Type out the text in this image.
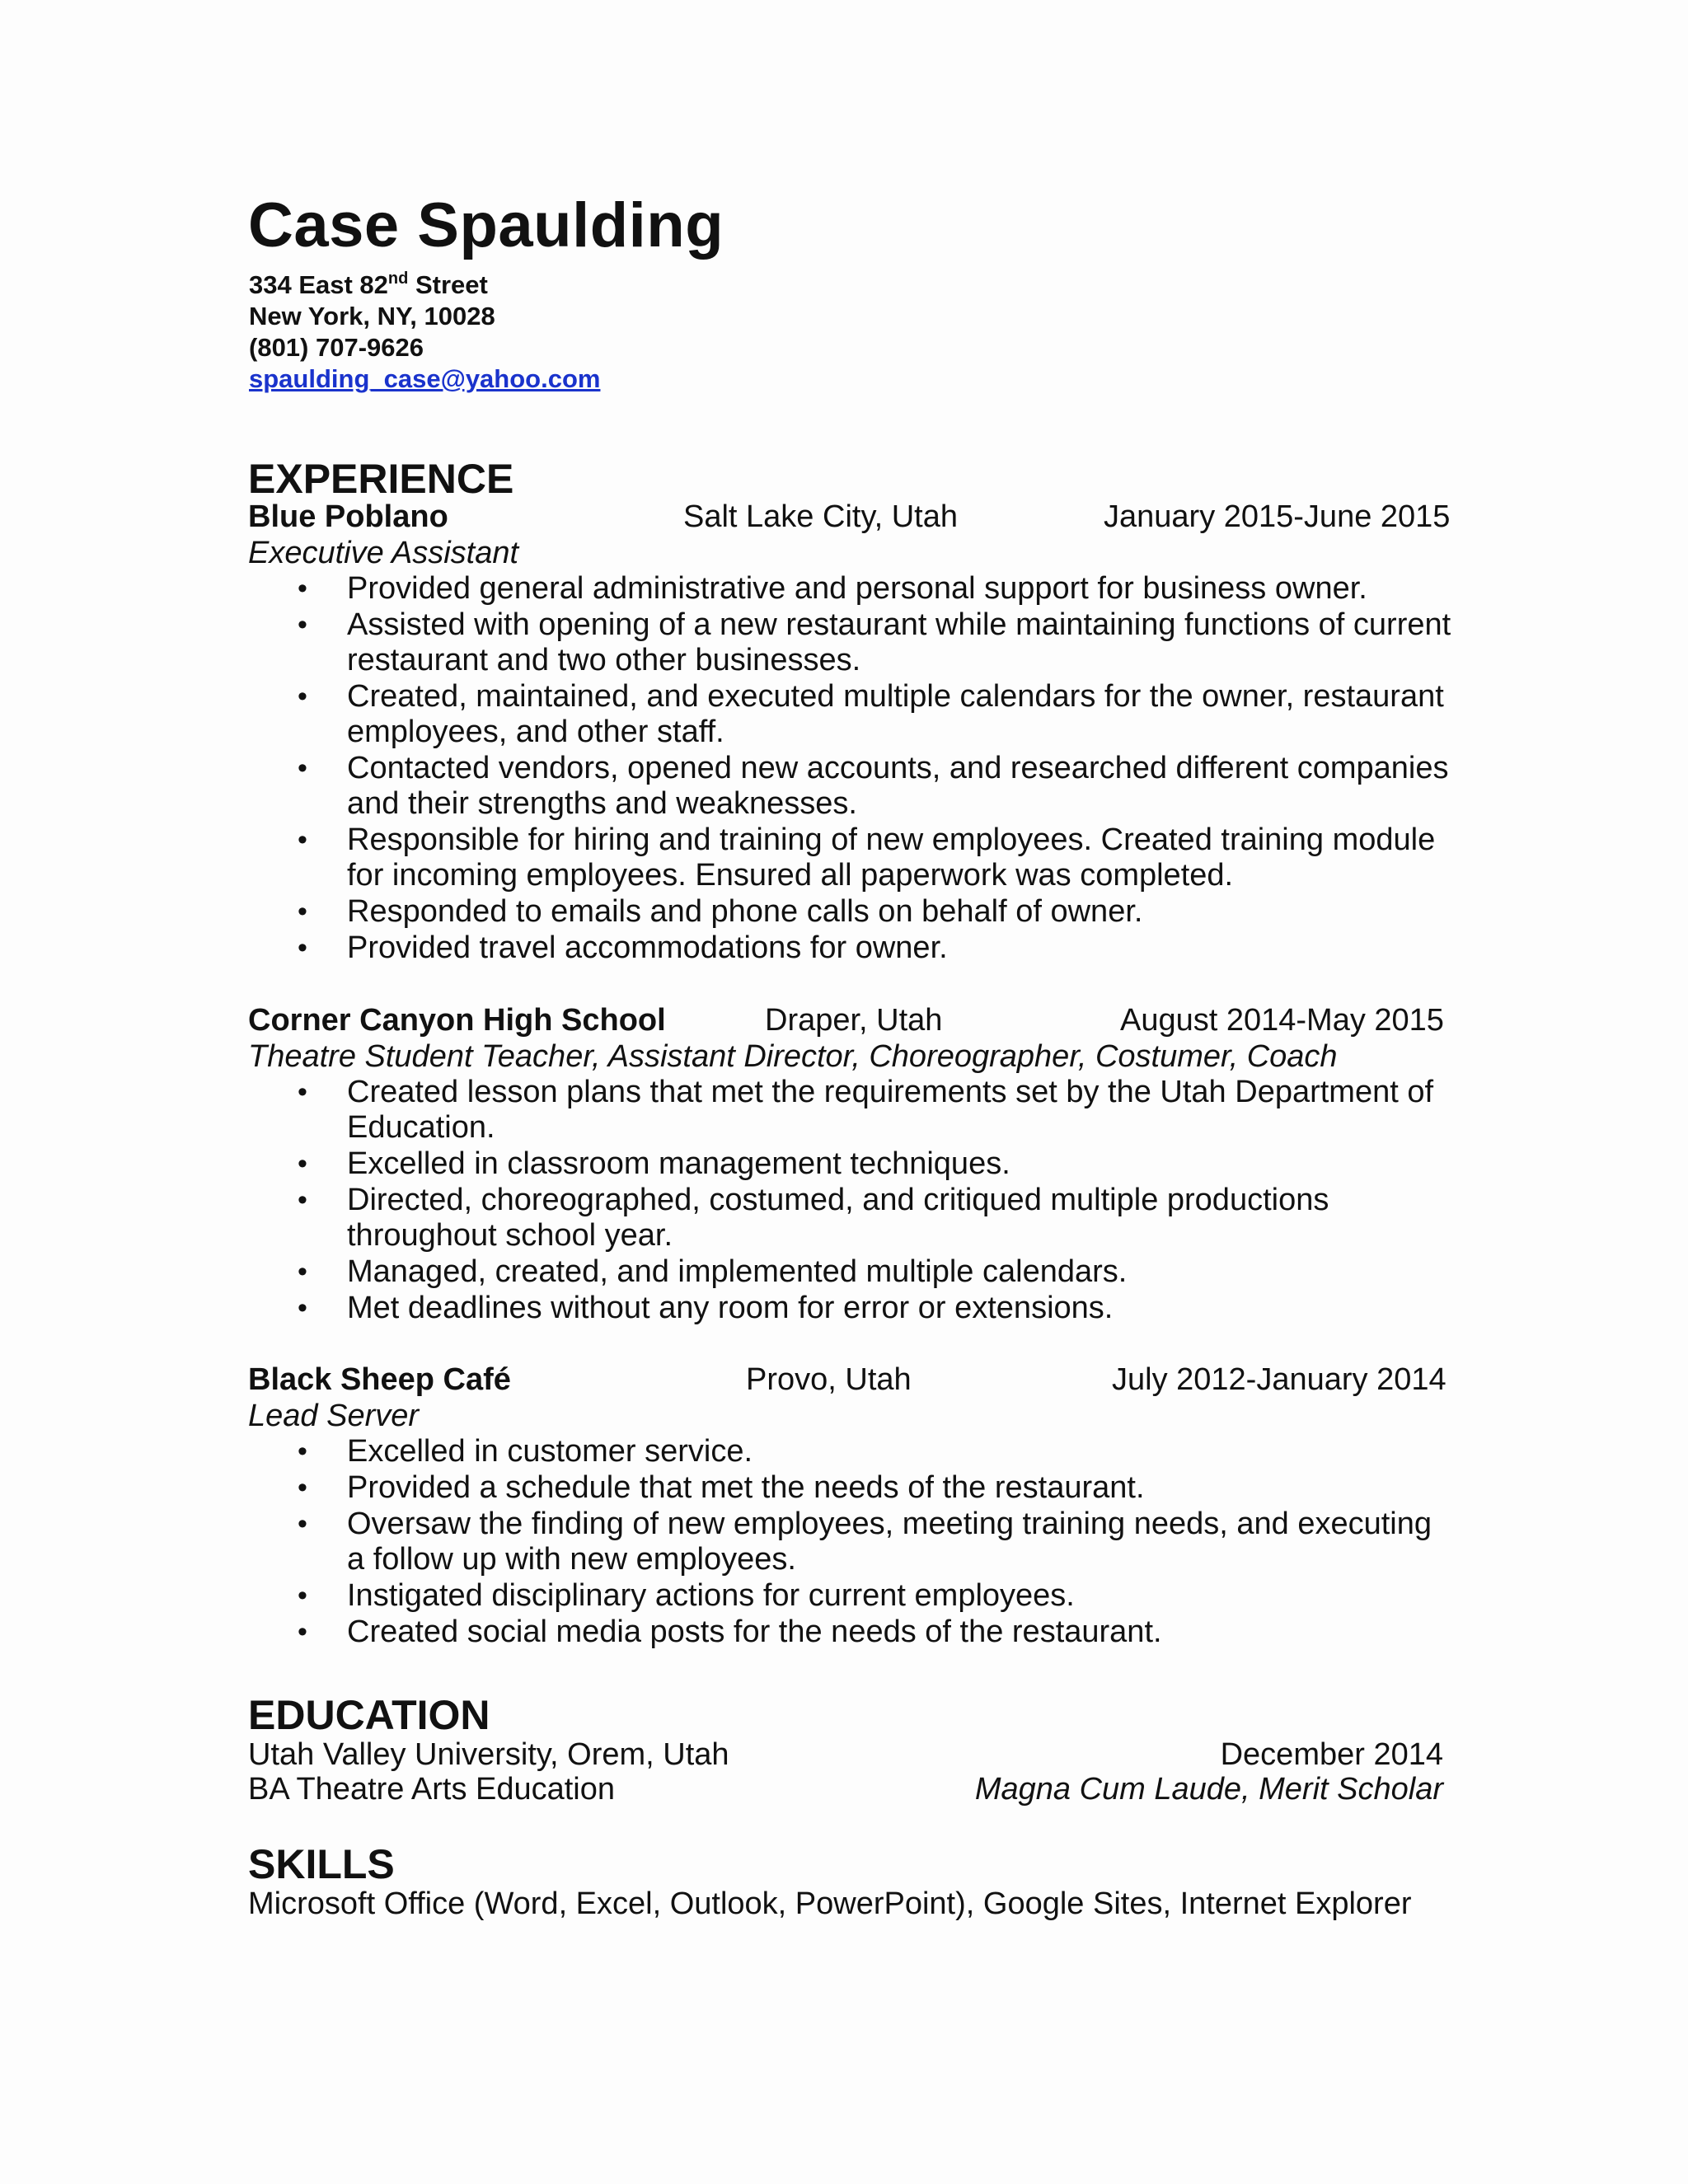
Case Spaulding
334 East 82nd Street
New York, NY, 10028
(801) 707-9626
spaulding_case@yahoo.com
EXPERIENCE
Blue Poblano	Salt Lake City, Utah	January 2015-June 2015
Executive Assistant
• Provided general administrative and personal support for business owner.
• Assisted with opening of a new restaurant while maintaining functions of current restaurant and two other businesses.
• Created, maintained, and executed multiple calendars for the owner, restaurant employees, and other staff.
• Contacted vendors, opened new accounts, and researched different companies and their strengths and weaknesses.
• Responsible for hiring and training of new employees. Created training module for incoming employees. Ensured all paperwork was completed.
• Responded to emails and phone calls on behalf of owner.
• Provided travel accommodations for owner.
Corner Canyon High School	Draper, Utah	August 2014-May 2015
Theatre Student Teacher, Assistant Director, Choreographer, Costumer, Coach
• Created lesson plans that met the requirements set by the Utah Department of Education.
• Excelled in classroom management techniques.
• Directed, choreographed, costumed, and critiqued multiple productions throughout school year.
• Managed, created, and implemented multiple calendars.
• Met deadlines without any room for error or extensions.
Black Sheep Café	Provo, Utah	July 2012-January 2014
Lead Server
• Excelled in customer service.
• Provided a schedule that met the needs of the restaurant.
• Oversaw the finding of new employees, meeting training needs, and executing a follow up with new employees.
• Instigated disciplinary actions for current employees.
• Created social media posts for the needs of the restaurant.
EDUCATION
Utah Valley University, Orem, Utah	December 2014
BA Theatre Arts Education	Magna Cum Laude, Merit Scholar
SKILLS
Microsoft Office (Word, Excel, Outlook, PowerPoint), Google Sites, Internet Explorer
